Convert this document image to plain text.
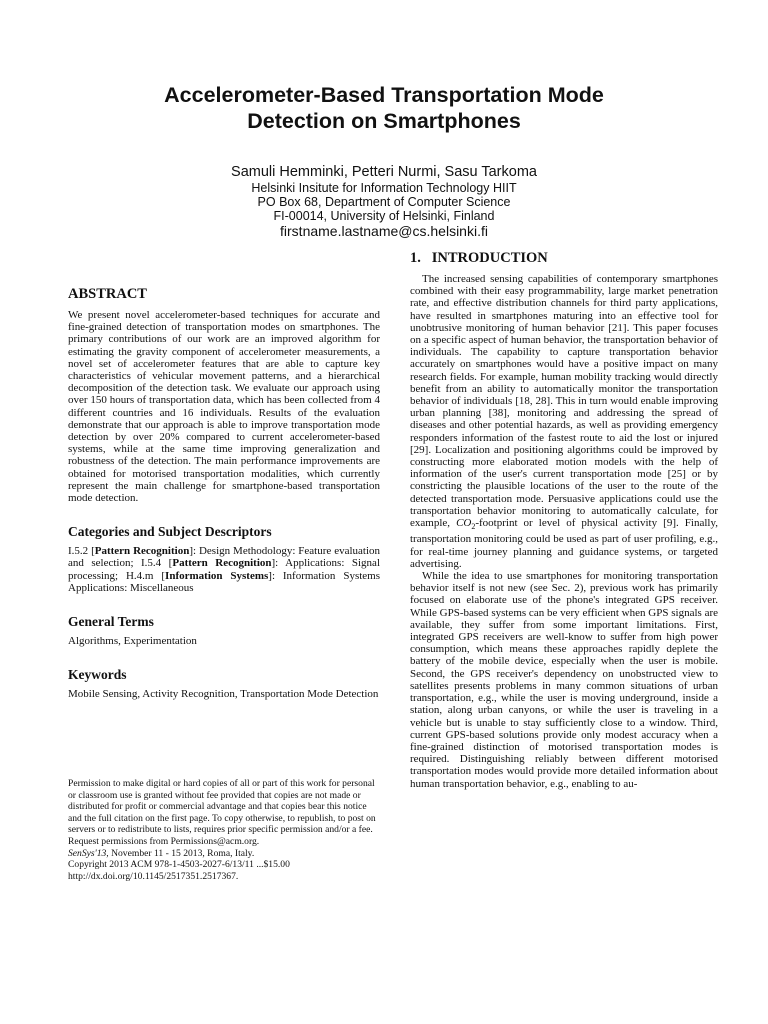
Accelerometer-Based Transportation Mode
Detection on Smartphones
Samuli Hemminki, Petteri Nurmi, Sasu Tarkoma
Helsinki Insitute for Information Technology HIIT
PO Box 68, Department of Computer Science
FI-00014, University of Helsinki, Finland
firstname.lastname@cs.helsinki.fi
ABSTRACT

We present novel accelerometer-based techniques for accurate and fine-grained detection of transportation modes on smartphones. The primary contributions of our work are an improved algorithm for estimating the gravity component of accelerometer measurements, a novel set of accelerometer features that are able to capture key characteristics of vehicular movement patterns, and a hierarchical decomposition of the detection task. We evaluate our approach using over 150 hours of transportation data, which has been collected from 4 different countries and 16 individuals. Results of the evaluation demonstrate that our approach is able to improve transportation mode detection by over 20% compared to current accelerometer-based systems, while at the same time improving generalization and robustness of the detection. The main performance improvements are obtained for motorised transportation modalities, which currently represent the main challenge for smartphone-based transportation mode detection.

Categories and Subject Descriptors

I.5.2 [Pattern Recognition]: Design Methodology: Feature evaluation and selection; I.5.4 [Pattern Recognition]: Applications: Signal processing; H.4.m [Information Systems]: Information Systems Applications: Miscellaneous

General Terms

Algorithms, Experimentation

Keywords

Mobile Sensing, Activity Recognition, Transportation Mode Detection

Permission to make digital or hard copies of all or part of this work for personal or classroom use is granted without fee provided that copies are not made or distributed for profit or commercial advantage and that copies bear this notice and the full citation on the first page. To copy otherwise, to republish, to post on servers or to redistribute to lists, requires prior specific permission and/or a fee. Request permissions from Permissions@acm.org.

SenSys'13, November 11 - 15 2013, Roma, Italy.

Copyright 2013 ACM 978-1-4503-2027-6/13/11 ...$15.00

http://dx.doi.org/10.1145/2517351.2517367.

1.   INTRODUCTION

The increased sensing capabilities of contemporary smartphones combined with their easy programmability, large market penetration rate, and effective distribution channels for third party applications, have resulted in smartphones maturing into an effective tool for unobtrusive monitoring of human behavior [21]. This paper focuses on a specific aspect of human behavior, the transportation behavior of individuals. The capability to capture transportation behavior accurately on smartphones would have a positive impact on many research fields. For example, human mobility tracking would directly benefit from an ability to automatically monitor the transportation behavior of individuals [18, 28]. This in turn would enable improving urban planning [38], monitoring and addressing the spread of diseases and other potential hazards, as well as providing emergency responders information of the fastest route to aid the lost or injured [29]. Localization and positioning algorithms could be improved by constructing more elaborated motion models with the help of information of the user's current transportation mode [25] or by constricting the plausible locations of the user to the route of the detected transportation mode. Persuasive applications could use the transportation behavior monitoring to automatically calculate, for example, $CO_2$-footprint or level of physical activity [9]. Finally, transportation monitoring could be used as part of user profiling, e.g., for real-time journey planning and guidance systems, or targeted advertising.

While the idea to use smartphones for monitoring transportation behavior itself is not new (see Sec. 2), previous work has primarily focused on elaborate use of the phone's integrated GPS receiver. While GPS-based systems can be very efficient when GPS signals are available, they suffer from some important limitations. First, integrated GPS receivers are well-know to suffer from high power consumption, which means these approaches rapidly deplete the battery of the mobile device, especially when the user is mobile. Second, the GPS receiver's dependency on unobstructed view to satellites presents problems in many common situations of urban transportation, e.g., while the user is moving underground, inside a station, along urban canyons, or while the user is traveling in a vehicle but is unable to stay sufficiently close to a window. Third, current GPS-based solutions provide only modest accuracy when a fine-grained distinction of motorised transportation modes is required. Distinguishing reliably between different motorised transportation modes would provide more detailed information about human transportation behavior, e.g., enabling to au-
